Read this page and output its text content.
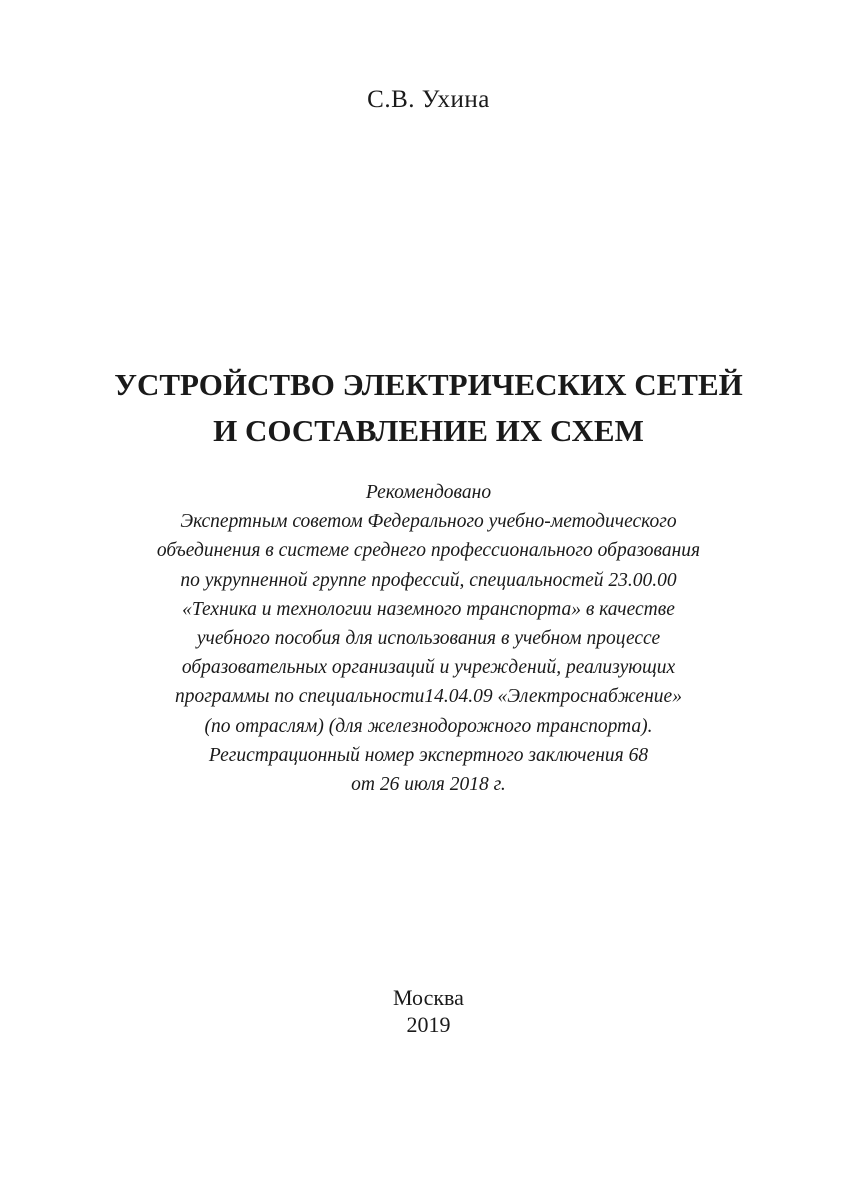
С.В. Ухина
УСТРОЙСТВО ЭЛЕКТРИЧЕСКИХ СЕТЕЙ
И СОСТАВЛЕНИЕ ИХ СХЕМ
Рекомендовано
Экспертным советом Федерального учебно-методического
объединения в системе среднего профессионального образования
по укрупненной группе профессий, специальностей 23.00.00
«Техника и технологии наземного транспорта» в качестве
учебного пособия для использования в учебном процессе
образовательных организаций и учреждений, реализующих
программы по специальности14.04.09 «Электроснабжение»
(по отраслям) (для железнодорожного транспорта).
Регистрационный номер экспертного заключения 68
от 26 июля 2018 г.
Москва
2019
